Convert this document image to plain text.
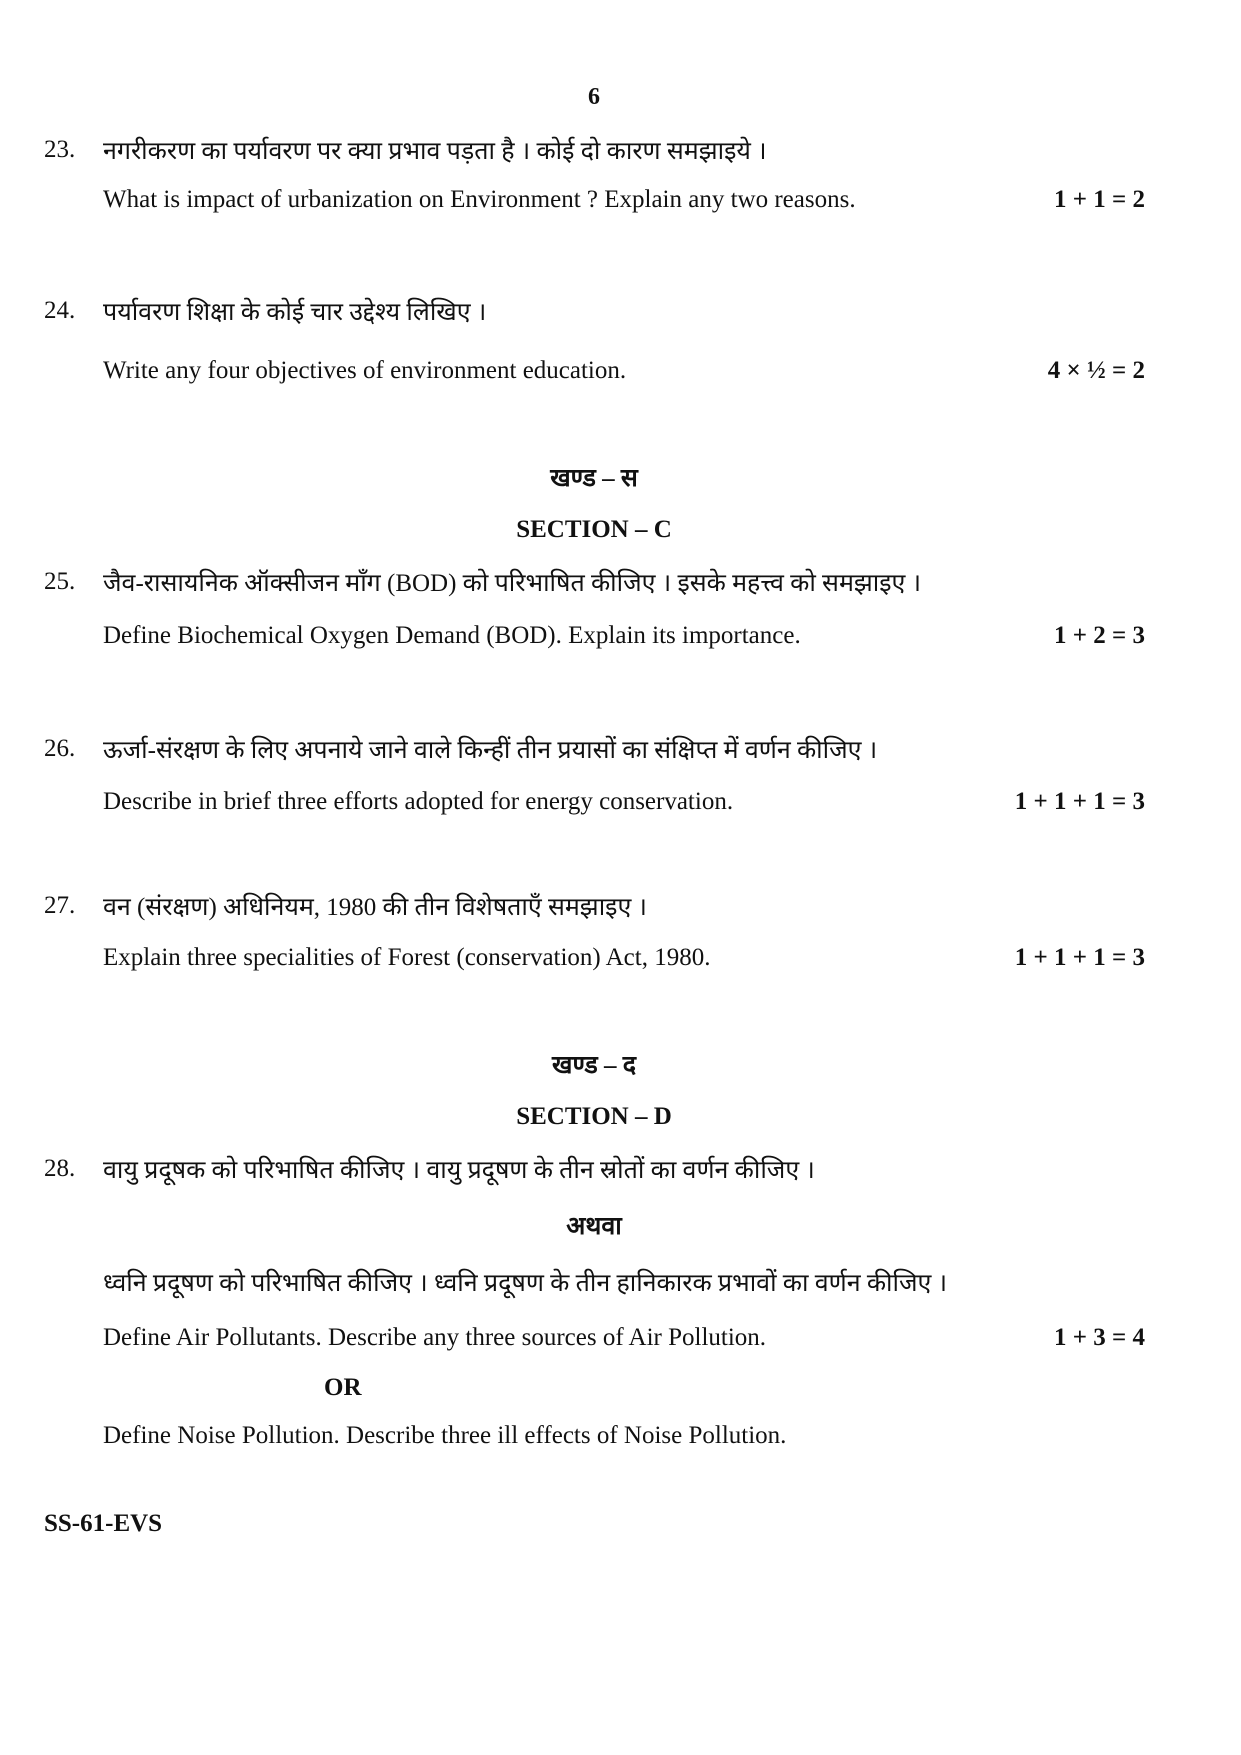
6
23. नगरीकरण का पर्यावरण पर क्या प्रभाव पड़ता है । कोई दो कारण समझाइये ।
What is impact of urbanization on Environment ? Explain any two reasons.	1 + 1 = 2
24. पर्यावरण शिक्षा के कोई चार उद्देश्य लिखिए ।
Write any four objectives of environment education.	4 × ½ = 2
खण्ड – स
SECTION – C
25. जैव-रासायनिक ऑक्सीजन माँग (BOD) को परिभाषित कीजिए । इसके महत्त्व को समझाइए ।
Define Biochemical Oxygen Demand (BOD). Explain its importance.	1 + 2 = 3
26. ऊर्जा-संरक्षण के लिए अपनाये जाने वाले किन्हीं तीन प्रयासों का संक्षिप्त में वर्णन कीजिए ।
Describe in brief three efforts adopted for energy conservation.	1 + 1 + 1 = 3
27. वन (संरक्षण) अधिनियम, 1980 की तीन विशेषताएँ समझाइए ।
Explain three specialities of Forest (conservation) Act, 1980.	1 + 1 + 1 = 3
खण्ड – द
SECTION – D
28. वायु प्रदूषक को परिभाषित कीजिए । वायु प्रदूषण के तीन स्रोतों का वर्णन कीजिए ।
अथवा
ध्वनि प्रदूषण को परिभाषित कीजिए । ध्वनि प्रदूषण के तीन हानिकारक प्रभावों का वर्णन कीजिए ।
Define Air Pollutants. Describe any three sources of Air Pollution.	1 + 3 = 4
OR
Define Noise Pollution. Describe three ill effects of Noise Pollution.
SS-61-EVS
